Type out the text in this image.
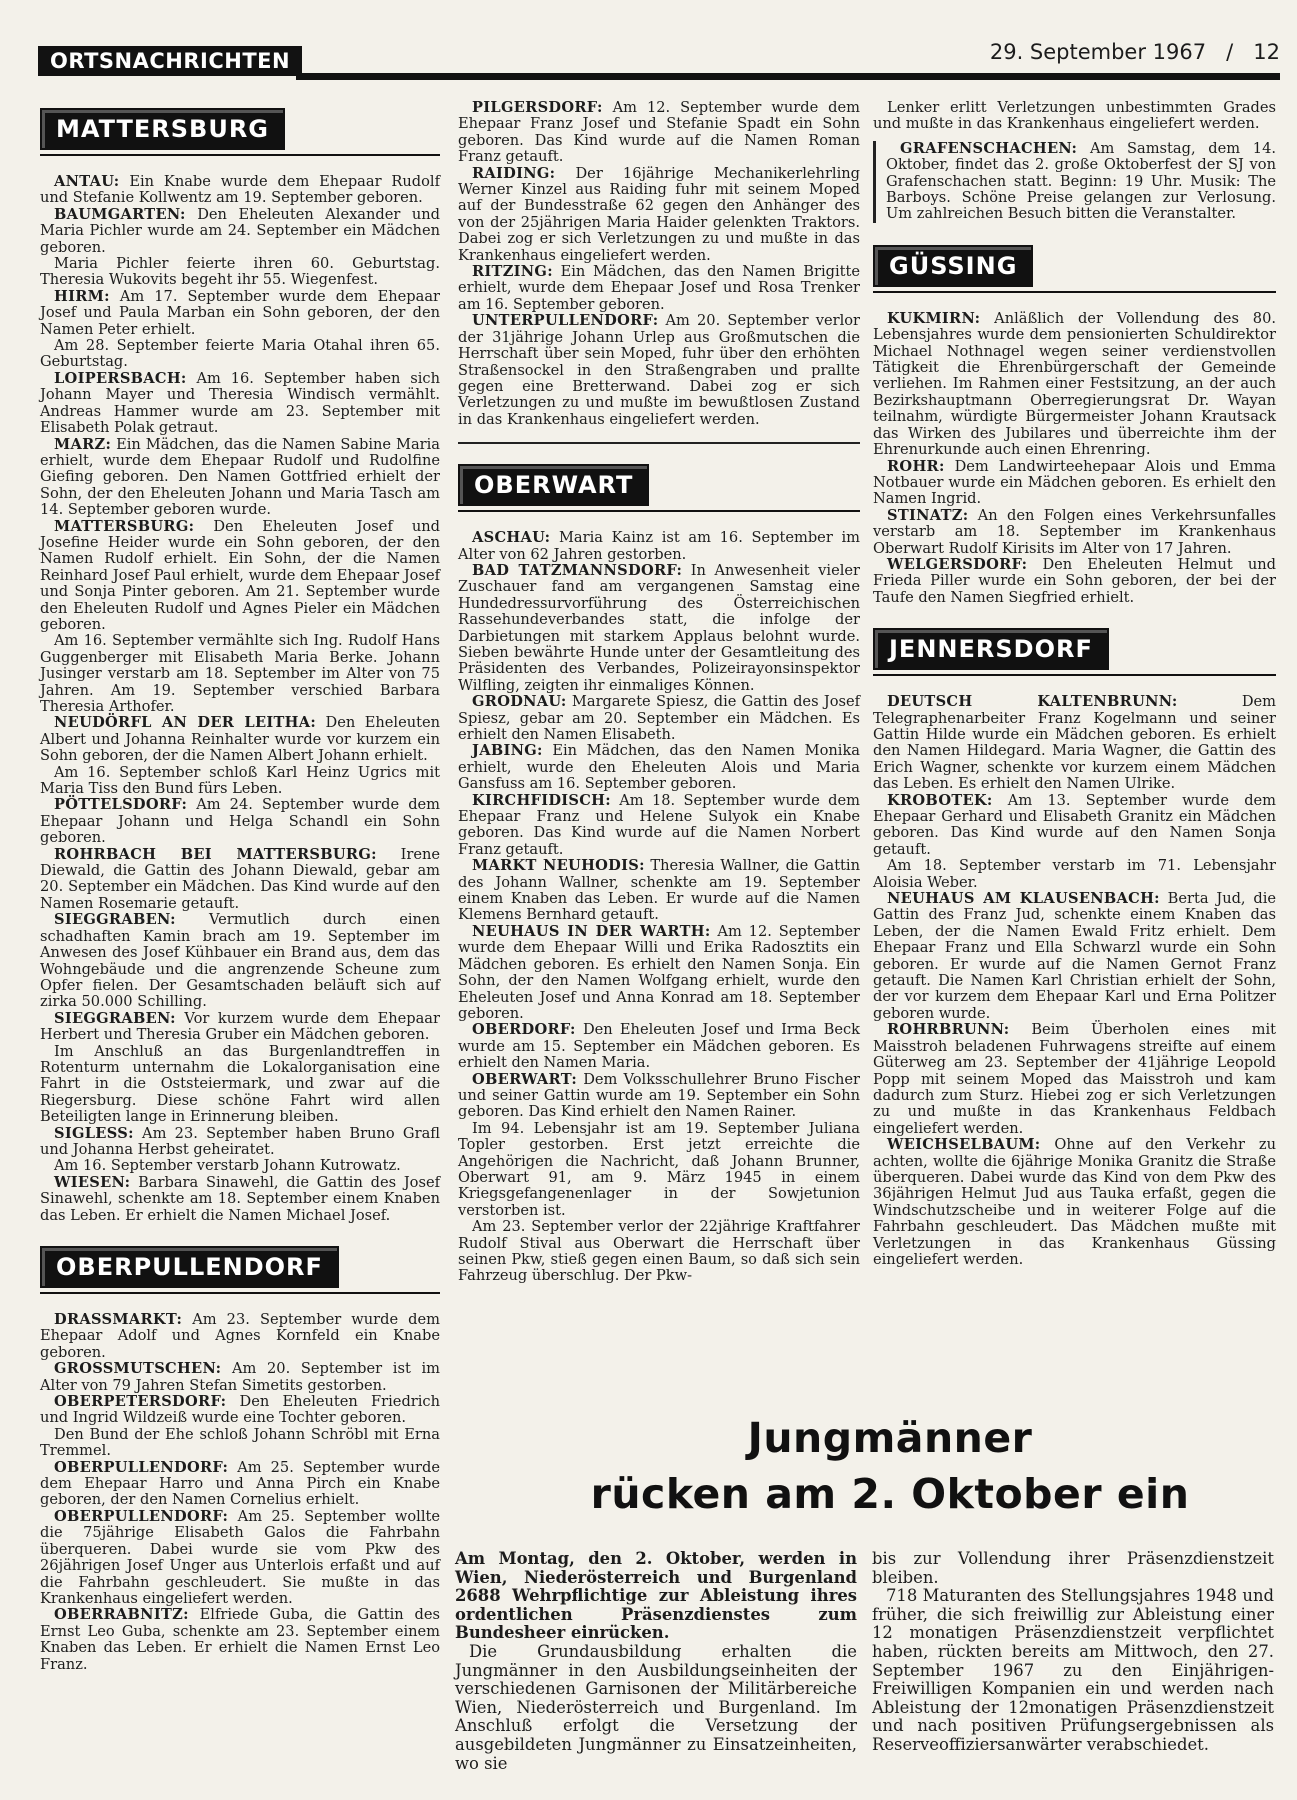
ORTSNACHRICHTEN	29. September 1967   /   12
MATTERSBURG

ANTAU: Ein Knabe wurde dem Ehepaar Rudolf und Stefanie Kollwentz am 19. September geboren.

BAUMGARTEN: Den Eheleuten Alexander und Maria Pichler wurde am 24. September ein Mädchen geboren.

Maria Pichler feierte ihren 60. Geburtstag. Theresia Wukovits begeht ihr 55. Wiegenfest.

HIRM: Am 17. September wurde dem Ehepaar Josef und Paula Marban ein Sohn geboren, der den Namen Peter erhielt.

Am 28. September feierte Maria Otahal ihren 65. Geburtstag.

LOIPERSBACH: Am 16. September haben sich Johann Mayer und Theresia Windisch vermählt. Andreas Hammer wurde am 23. September mit Elisabeth Polak getraut.

MARZ: Ein Mädchen, das die Namen Sabine Maria erhielt, wurde dem Ehepaar Rudolf und Rudolfine Giefing geboren. Den Namen Gottfried erhielt der Sohn, der den Eheleuten Johann und Maria Tasch am 14. September geboren wurde.

MATTERSBURG: Den Eheleuten Josef und Josefine Heider wurde ein Sohn geboren, der den Namen Rudolf erhielt. Ein Sohn, der die Namen Reinhard Josef Paul erhielt, wurde dem Ehepaar Josef und Sonja Pinter geboren. Am 21. September wurde den Eheleuten Rudolf und Agnes Pieler ein Mädchen geboren.

Am 16. September vermählte sich Ing. Rudolf Hans Guggenberger mit Elisabeth Maria Berke. Johann Jusinger verstarb am 18. September im Alter von 75 Jahren. Am 19. September verschied Barbara Theresia Arthofer.

NEUDÖRFL AN DER LEITHA: Den Eheleuten Albert und Johanna Reinhalter wurde vor kurzem ein Sohn geboren, der die Namen Albert Johann erhielt.

Am 16. September schloß Karl Heinz Ugrics mit Maria Tiss den Bund fürs Leben.

PÖTTELSDORF: Am 24. September wurde dem Ehepaar Johann und Helga Schandl ein Sohn geboren.

ROHRBACH BEI MATTERSBURG: Irene Diewald, die Gattin des Johann Diewald, gebar am 20. September ein Mädchen. Das Kind wurde auf den Namen Rosemarie getauft.

SIEGGRABEN: Vermutlich durch einen schadhaften Kamin brach am 19. September im Anwesen des Josef Kühbauer ein Brand aus, dem das Wohngebäude und die angrenzende Scheune zum Opfer fielen. Der Gesamtschaden beläuft sich auf zirka 50.000 Schilling.

SIEGGRABEN: Vor kurzem wurde dem Ehepaar Herbert und Theresia Gruber ein Mädchen geboren.

Im Anschluß an das Burgenlandtreffen in Rotenturm unternahm die Lokalorganisation eine Fahrt in die Oststeiermark, und zwar auf die Riegersburg. Diese schöne Fahrt wird allen Beteiligten lange in Erinnerung bleiben.

SIGLESS: Am 23. September haben Bruno Grafl und Johanna Herbst geheiratet.

Am 16. September verstarb Johann Kutrowatz.

WIESEN: Barbara Sinawehl, die Gattin des Josef Sinawehl, schenkte am 18. September einem Knaben das Leben. Er erhielt die Namen Michael Josef.

OBERPULLENDORF

DRASSMARKT: Am 23. September wurde dem Ehepaar Adolf und Agnes Kornfeld ein Knabe geboren.

GROSSMUTSCHEN: Am 20. September ist im Alter von 79 Jahren Stefan Simetits gestorben.

OBERPETERSDORF: Den Eheleuten Friedrich und Ingrid Wildzeiß wurde eine Tochter geboren.

Den Bund der Ehe schloß Johann Schröbl mit Erna Tremmel.

OBERPULLENDORF: Am 25. September wurde dem Ehepaar Harro und Anna Pirch ein Knabe geboren, der den Namen Cornelius erhielt.

OBERPULLENDORF: Am 25. September wollte die 75jährige Elisabeth Galos die Fahrbahn überqueren. Dabei wurde sie vom Pkw des 26jährigen Josef Unger aus Unterlois erfaßt und auf die Fahrbahn geschleudert. Sie mußte in das Krankenhaus eingeliefert werden.

OBERRABNITZ: Elfriede Guba, die Gattin des Ernst Leo Guba, schenkte am 23. September einem Knaben das Leben. Er erhielt die Namen Ernst Leo Franz.

PILGERSDORF: Am 12. September wurde dem Ehepaar Franz Josef und Stefanie Spadt ein Sohn geboren. Das Kind wurde auf die Namen Roman Franz getauft.

RAIDING: Der 16jährige Mechanikerlehrling Werner Kinzel aus Raiding fuhr mit seinem Moped auf der Bundesstraße 62 gegen den Anhänger des von der 25jährigen Maria Haider gelenkten Traktors. Dabei zog er sich Verletzungen zu und mußte in das Krankenhaus eingeliefert werden.

RITZING: Ein Mädchen, das den Namen Brigitte erhielt, wurde dem Ehepaar Josef und Rosa Trenker am 16. September geboren.

UNTERPULLENDORF: Am 20. September verlor der 31jährige Johann Urlep aus Großmutschen die Herrschaft über sein Moped, fuhr über den erhöhten Straßensockel in den Straßengraben und prallte gegen eine Bretterwand. Dabei zog er sich Verletzungen zu und mußte im bewußtlosen Zustand in das Krankenhaus eingeliefert werden.

OBERWART

ASCHAU: Maria Kainz ist am 16. September im Alter von 62 Jahren gestorben.

BAD TATZMANNSDORF: In Anwesenheit vieler Zuschauer fand am vergangenen Samstag eine Hundedressurvorführung des Österreichischen Rassehundeverbandes statt, die infolge der Darbietungen mit starkem Applaus belohnt wurde. Sieben bewährte Hunde unter der Gesamtleitung des Präsidenten des Verbandes, Polizeirayonsinspektor Wilfling, zeigten ihr einmaliges Können.

GRODNAU: Margarete Spiesz, die Gattin des Josef Spiesz, gebar am 20. September ein Mädchen. Es erhielt den Namen Elisabeth.

JABING: Ein Mädchen, das den Namen Monika erhielt, wurde den Eheleuten Alois und Maria Gansfuss am 16. September geboren.

KIRCHFIDISCH: Am 18. September wurde dem Ehepaar Franz und Helene Sulyok ein Knabe geboren. Das Kind wurde auf die Namen Norbert Franz getauft.

MARKT NEUHODIS: Theresia Wallner, die Gattin des Johann Wallner, schenkte am 19. September einem Knaben das Leben. Er wurde auf die Namen Klemens Bernhard getauft.

NEUHAUS IN DER WARTH: Am 12. September wurde dem Ehepaar Willi und Erika Radosztits ein Mädchen geboren. Es erhielt den Namen Sonja. Ein Sohn, der den Namen Wolfgang erhielt, wurde den Eheleuten Josef und Anna Konrad am 18. September geboren.

OBERDORF: Den Eheleuten Josef und Irma Beck wurde am 15. September ein Mädchen geboren. Es erhielt den Namen Maria.

OBERWART: Dem Volksschullehrer Bruno Fischer und seiner Gattin wurde am 19. September ein Sohn geboren. Das Kind erhielt den Namen Rainer.

Im 94. Lebensjahr ist am 19. September Juliana Topler gestorben. Erst jetzt erreichte die Angehörigen die Nachricht, daß Johann Brunner, Oberwart 91, am 9. März 1945 in einem Kriegsgefangenenlager in der Sowjetunion verstorben ist.

Am 23. September verlor der 22jährige Kraftfahrer Rudolf Stival aus Oberwart die Herrschaft über seinen Pkw, stieß gegen einen Baum, so daß sich sein Fahrzeug überschlug. Der Pkw-

Lenker erlitt Verletzungen unbestimmten Grades und mußte in das Krankenhaus eingeliefert werden.

GRAFENSCHACHEN: Am Samstag, dem 14. Oktober, findet das 2. große Oktoberfest der SJ von Grafenschachen statt. Beginn: 19 Uhr. Musik: The Barboys. Schöne Preise gelangen zur Verlosung. Um zahlreichen Besuch bitten die Veranstalter.

GÜSSING

KUKMIRN: Anläßlich der Vollendung des 80. Lebensjahres wurde dem pensionierten Schuldirektor Michael Nothnagel wegen seiner verdienstvollen Tätigkeit die Ehrenbürgerschaft der Gemeinde verliehen. Im Rahmen einer Festsitzung, an der auch Bezirkshauptmann Oberregierungsrat Dr. Wayan teilnahm, würdigte Bürgermeister Johann Krautsack das Wirken des Jubilares und überreichte ihm der Ehrenurkunde auch einen Ehrenring.

ROHR: Dem Landwirteehepaar Alois und Emma Notbauer wurde ein Mädchen geboren. Es erhielt den Namen Ingrid.

STINATZ: An den Folgen eines Verkehrsunfalles verstarb am 18. September im Krankenhaus Oberwart Rudolf Kirisits im Alter von 17 Jahren.

WELGERSDORF: Den Eheleuten Helmut und Frieda Piller wurde ein Sohn geboren, der bei der Taufe den Namen Siegfried erhielt.

JENNERSDORF

DEUTSCH KALTENBRUNN:	Dem Telegraphenarbeiter Franz Kogelmann und seiner Gattin Hilde wurde ein Mädchen geboren. Es erhielt den Namen Hildegard. Maria Wagner, die Gattin des Erich Wagner, schenkte vor kurzem einem Mädchen das Leben. Es erhielt den Namen Ulrike.

KROBOTEK: Am 13. September wurde dem Ehepaar Gerhard und Elisabeth Granitz ein Mädchen geboren. Das Kind wurde auf den Namen Sonja getauft.

Am 18. September verstarb im 71. Lebensjahr Aloisia Weber.

NEUHAUS AM KLAUSENBACH: Berta Jud, die Gattin des Franz Jud, schenkte einem Knaben das Leben, der die Namen Ewald Fritz erhielt. Dem Ehepaar Franz und Ella Schwarzl wurde ein Sohn geboren. Er wurde auf die Namen Gernot Franz getauft. Die Namen Karl Christian erhielt der Sohn, der vor kurzem dem Ehepaar Karl und Erna Politzer geboren wurde.

ROHRBRUNN: Beim Überholen eines mit Maisstroh beladenen Fuhrwagens streifte auf einem Güterweg am 23. September der 41jährige Leopold Popp mit seinem Moped das Maisstroh und kam dadurch zum Sturz. Hiebei zog er sich Verletzungen zu und mußte in das Krankenhaus Feldbach eingeliefert werden.

WEICHSELBAUM: Ohne auf den Verkehr zu achten, wollte die 6jährige Monika Granitz die Straße überqueren. Dabei wurde das Kind von dem Pkw des 36jährigen Helmut Jud aus Tauka erfaßt, gegen die Windschutzscheibe und in weiterer Folge auf die Fahrbahn geschleudert. Das Mädchen mußte mit Verletzungen in das Krankenhaus Güssing eingeliefert werden.

Jungmänner
rücken am 2. Oktober ein

Am Montag, den 2. Oktober, werden in Wien, Niederösterreich und Burgenland 2688 Wehrpflichtige zur Ableistung ihres ordentlichen Präsenzdienstes zum Bundesheer einrücken.

Die Grundausbildung erhalten die Jungmänner in den Ausbildungseinheiten der verschiedenen Garnisonen der Militärbereiche Wien, Niederösterreich und Burgenland. Im Anschluß erfolgt die Versetzung der ausgebildeten Jungmänner zu Einsatzeinheiten, wo sie

bis zur Vollendung ihrer Präsenzdienstzeit bleiben.

718 Maturanten des Stellungsjahres 1948 und früher, die sich freiwillig zur Ableistung einer 12 monatigen Präsenzdienstzeit verpflichtet haben, rückten bereits am Mittwoch, den 27. September 1967 zu den Einjährigen-Freiwilligen Kompanien ein und werden nach Ableistung der 12monatigen Präsenzdienstzeit und nach positiven Prüfungsergebnissen als Reserveoffiziersanwärter verabschiedet.
